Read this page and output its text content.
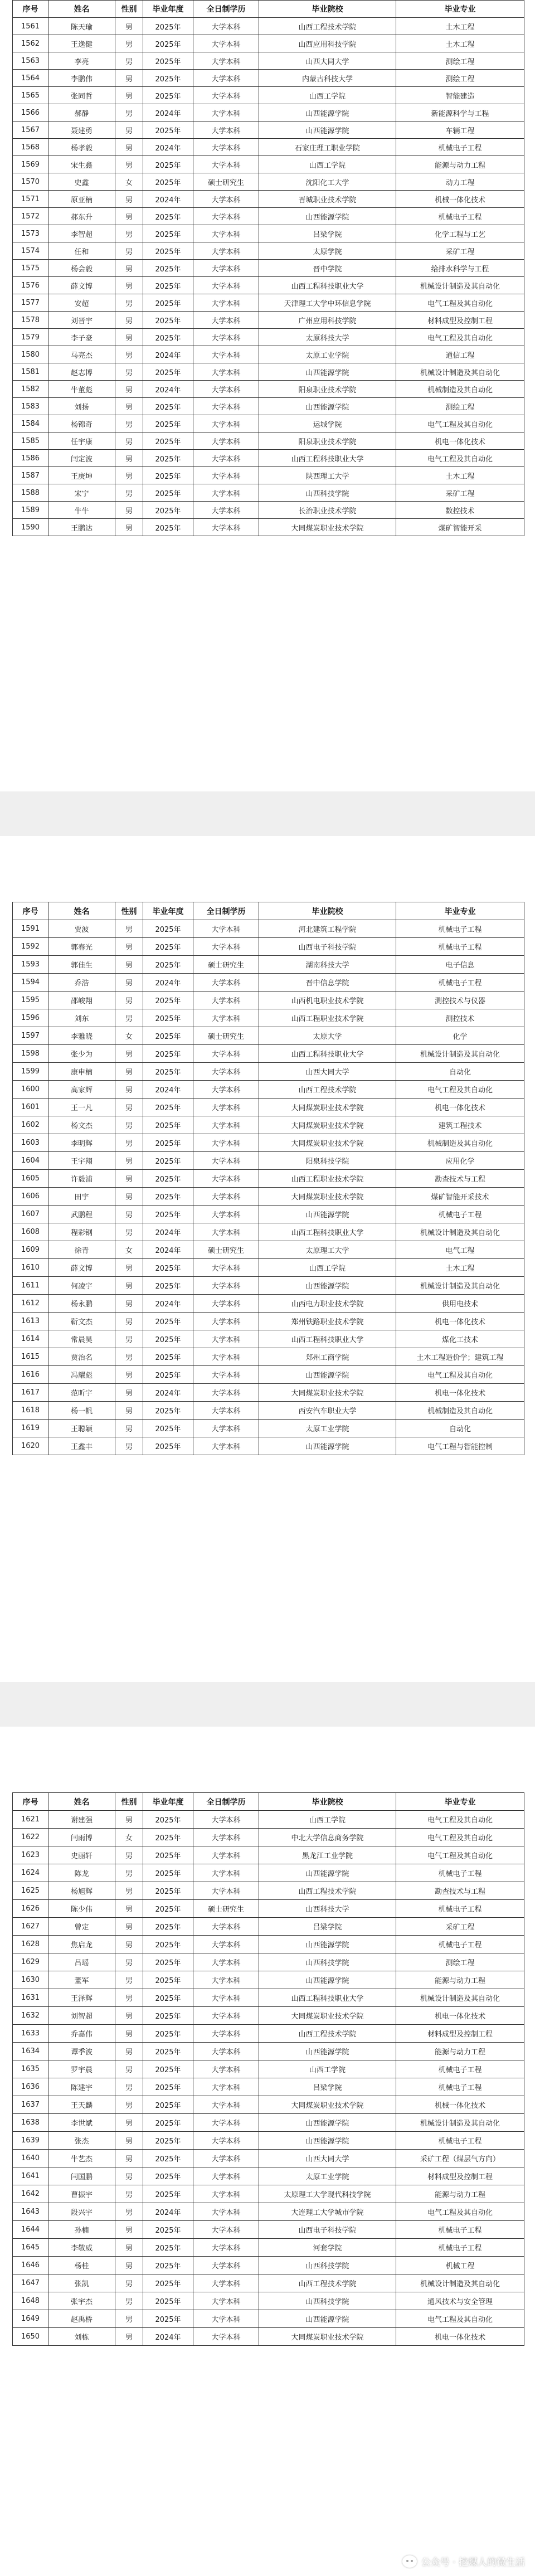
序号	姓名	性别	毕业年度	全日制学历	毕业院校	毕业专业
1561	陈天瑜	男	2025年	大学本科	山西工程技术学院	土木工程
1562	王逸健	男	2025年	大学本科	山西应用科技学院	土木工程
1563	李亮	男	2025年	大学本科	山西大同大学	测绘工程
1564	李鹏伟	男	2025年	大学本科	内蒙古科技大学	测绘工程
1565	张同哲	男	2025年	大学本科	山西工学院	智能建造
1566	郝静	男	2024年	大学本科	山西能源学院	新能源科学与工程
1567	聂建勇	男	2025年	大学本科	山西能源学院	车辆工程
1568	杨孝毅	男	2024年	大学本科	石家庄理工职业学院	机械电子工程
1569	宋生鑫	男	2025年	大学本科	山西工学院	能源与动力工程
1570	史鑫	女	2025年	硕士研究生	沈阳化工大学	动力工程
1571	原亚楠	男	2024年	大学本科	晋城职业技术学院	机械一体化技术
1572	郝东升	男	2025年	大学本科	山西能源学院	机械电子工程
1573	李智超	男	2025年	大学本科	吕梁学院	化学工程与工艺
1574	任和	男	2025年	大学本科	太原学院	采矿工程
1575	杨会毅	男	2025年	大学本科	晋中学院	给排水科学与工程
1576	薛文博	男	2025年	大学本科	山西工程科技职业大学	机械设计制造及其自动化
1577	安超	男	2025年	大学本科	天津理工大学中环信息学院	电气工程及其自动化
1578	刘晋宇	男	2025年	大学本科	广州应用科技学院	材料成型及控制工程
1579	李子豪	男	2025年	大学本科	太原科技大学	电气工程及其自动化
1580	马亮杰	男	2024年	大学本科	太原工业学院	通信工程
1581	赵志博	男	2025年	大学本科	山西能源学院	机械设计制造及其自动化
1582	牛董彪	男	2024年	大学本科	阳泉职业技术学院	机械制造及其自动化
1583	刘扬	男	2025年	大学本科	山西能源学院	测绘工程
1584	杨锦奇	男	2025年	大学本科	运城学院	电气工程及其自动化
1585	任宇康	男	2025年	大学本科	阳泉职业技术学院	机电一体化技术
1586	闫定波	男	2025年	大学本科	山西工程科技职业大学	电气工程及其自动化
1587	王庚坤	男	2025年	大学本科	陕西理工大学	土木工程
1588	宋宁	男	2025年	大学本科	山西科技学院	采矿工程
1589	牛牛	男	2025年	大学本科	长治职业技术学院	数控技术
1590	王鹏达	男	2025年	大学本科	大同煤炭职业技术学院	煤矿智能开采
序号	姓名	性别	毕业年度	全日制学历	毕业院校	毕业专业
1591	贾波	男	2025年	大学本科	河北建筑工程学院	机械电子工程
1592	郭春光	男	2025年	大学本科	山西电子科技学院	机械电子工程
1593	郭佳生	男	2025年	硕士研究生	湖南科技大学	电子信息
1594	乔浩	男	2024年	大学本科	晋中信息学院	机械电子工程
1595	邵峻翔	男	2025年	大学本科	山西机电职业技术学院	测控技术与仪器
1596	刘东	男	2025年	大学本科	山西工程职业技术学院	测控技术
1597	李雅晓	女	2025年	硕士研究生	太原大学	化学
1598	张少为	男	2025年	大学本科	山西工程科技职业大学	机械设计制造及其自动化
1599	康申楠	男	2025年	大学本科	山西大同大学	自动化
1600	高家辉	男	2024年	大学本科	山西工程技术学院	电气工程及其自动化
1601	王一凡	男	2025年	大学本科	大同煤炭职业技术学院	机电一体化技术
1602	杨文杰	男	2025年	大学本科	大同煤炭职业技术学院	建筑工程技术
1603	李明辉	男	2025年	大学本科	大同煤炭职业技术学院	机械制造及其自动化
1604	王宇翔	男	2025年	大学本科	阳泉科技学院	应用化学
1605	许毅浦	男	2025年	大学本科	山西工程职业技术学院	勘查技术与工程
1606	田宇	男	2025年	大学本科	大同煤炭职业技术学院	煤矿智能开采技术
1607	武鹏程	男	2025年	大学本科	山西能源学院	机械电子工程
1608	程彩钢	男	2024年	大学本科	山西工程科技职业大学	机械设计制造及其自动化
1609	徐青	女	2024年	硕士研究生	太原理工大学	电气工程
1610	薛文博	男	2025年	大学本科	山西工学院	土木工程
1611	何凌宇	男	2025年	大学本科	山西能源学院	机械设计制造及其自动化
1612	杨永鹏	男	2024年	大学本科	山西电力职业技术学院	供用电技术
1613	靳文杰	男	2025年	大学本科	郑州铁路职业技术学院	机电一体化技术
1614	常晨昊	男	2025年	大学本科	山西工程科技职业大学	煤化工技术
1615	贾治名	男	2025年	大学本科	郑州工商学院	土木工程造价学；建筑工程
1616	冯耀彪	男	2025年	大学本科	山西能源学院	电气工程及其自动化
1617	范昕宇	男	2024年	大学本科	大同煤炭职业技术学院	机电一体化技术
1618	杨一帆	男	2025年	大学本科	西安汽车职业大学	机械制造及其自动化
1619	王聪颖	男	2025年	大学本科	太原工业学院	自动化
1620	王鑫丰	男	2025年	大学本科	山西能源学院	电气工程与智能控制
序号	姓名	性别	毕业年度	全日制学历	毕业院校	毕业专业
1621	谢建强	男	2025年	大学本科	山西工学院	电气工程及其自动化
1622	闫雨博	女	2025年	大学本科	中北大学信息商务学院	电气工程及其自动化
1623	史丽轩	男	2025年	大学本科	黑龙江工业学院	电气工程及其自动化
1624	陈龙	男	2025年	大学本科	山西能源学院	机械电子工程
1625	杨旭辉	男	2025年	大学本科	山西工程技术学院	勘查技术与工程
1626	陈少伟	男	2025年	硕士研究生	山西科技大学	机械电子工程
1627	曾定	男	2025年	大学本科	吕梁学院	采矿工程
1628	焦启龙	男	2025年	大学本科	山西能源学院	机械电子工程
1629	吕瑶	男	2025年	大学本科	山西科技学院	测绘工程
1630	董军	男	2025年	大学本科	山西能源学院	能源与动力工程
1631	王泽辉	男	2025年	大学本科	山西工程科技职业大学	机械设计制造及其自动化
1632	刘智超	男	2025年	大学本科	大同煤炭职业技术学院	机电一体化技术
1633	乔嘉伟	男	2025年	大学本科	山西工程技术学院	材料成型及控制工程
1634	谭季波	男	2025年	大学本科	山西能源学院	能源与动力工程
1635	罗宇晨	男	2025年	大学本科	山西工学院	机械电子工程
1636	陈建宇	男	2025年	大学本科	吕梁学院	机械电子工程
1637	王天麟	男	2025年	大学本科	大同煤炭职业技术学院	机械一体化技术
1638	李世斌	男	2025年	大学本科	山西能源学院	机械设计制造及其自动化
1639	张杰	男	2025年	大学本科	山西能源学院	机械电子工程
1640	牛艺杰	男	2025年	大学本科	山西大同大学	采矿工程（煤层气方向）
1641	闫国鹏	男	2025年	大学本科	太原工业学院	材料成型及控制工程
1642	曹振宇	男	2025年	大学本科	太原理工大学现代科技学院	能源与动力工程
1643	段兴宇	男	2024年	大学本科	大连理工大学城市学院	电气工程及其自动化
1644	孙楠	男	2025年	大学本科	山西电子科技学院	机械电子工程
1645	李敬威	男	2025年	大学本科	河套学院	机械电子工程
1646	杨桂	男	2025年	大学本科	山西科技学院	机械工程
1647	张凯	男	2025年	大学本科	山西工程技术学院	机械设计制造及其自动化
1648	张宇杰	男	2025年	大学本科	山西科技学院	通风技术与安全管理
1649	赵禹桥	男	2025年	大学本科	山西能源学院	电气工程及其自动化
1650	刘栋	男	2024年	大学本科	大同煤炭职业技术学院	机电一体化技术
公众号 · 挖煤人的微生活
